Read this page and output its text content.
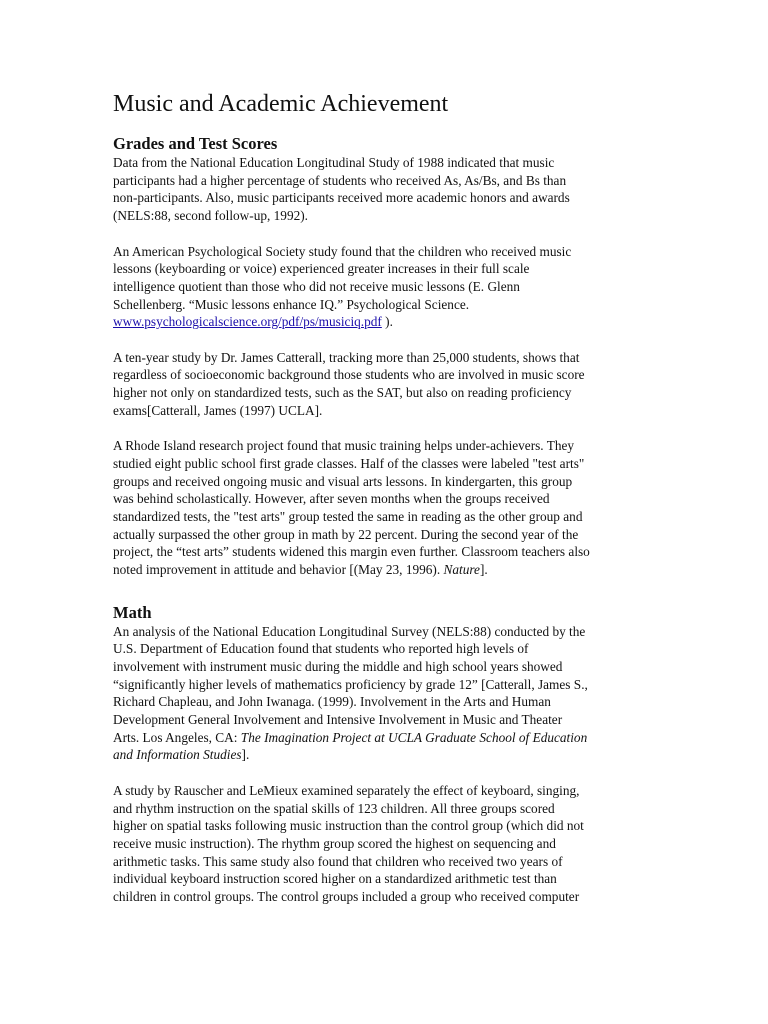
Music and Academic Achievement
Grades and Test Scores

Data from the National Education Longitudinal Study of 1988 indicated that music
participants had a higher percentage of students who received As, As/Bs, and Bs than
non-participants. Also, music participants received more academic honors and awards
(NELS:88, second follow-up, 1992).

An American Psychological Society study found that the children who received music
lessons (keyboarding or voice) experienced greater increases in their full scale
intelligence quotient than those who did not receive music lessons (E. Glenn
Schellenberg. “Music lessons enhance IQ.” Psychological Science.
www.psychologicalscience.org/pdf/ps/musiciq.pdf ).

A ten-year study by Dr. James Catterall, tracking more than 25,000 students, shows that
regardless of socioeconomic background those students who are involved in music score
higher not only on standardized tests, such as the SAT, but also on reading proficiency
exams[Catterall, James (1997) UCLA].

A Rhode Island research project found that music training helps under-achievers. They
studied eight public school first grade classes. Half of the classes were labeled "test arts"
groups and received ongoing music and visual arts lessons. In kindergarten, this group
was behind scholastically. However, after seven months when the groups received
standardized tests, the "test arts" group tested the same in reading as the other group and
actually surpassed the other group in math by 22 percent. During the second year of the
project, the “test arts” students widened this margin even further. Classroom teachers also
noted improvement in attitude and behavior [(May 23, 1996). Nature].

Math

An analysis of the National Education Longitudinal Survey (NELS:88) conducted by the
U.S. Department of Education found that students who reported high levels of
involvement with instrument music during the middle and high school years showed
“significantly higher levels of mathematics proficiency by grade 12” [Catterall, James S.,
Richard Chapleau, and John Iwanaga. (1999). Involvement in the Arts and Human
Development General Involvement and Intensive Involvement in Music and Theater
Arts. Los Angeles, CA: The Imagination Project at UCLA Graduate School of Education
and Information Studies].

A study by Rauscher and LeMieux examined separately the effect of keyboard, singing,
and rhythm instruction on the spatial skills of 123 children. All three groups scored
higher on spatial tasks following music instruction than the control group (which did not
receive music instruction). The rhythm group scored the highest on sequencing and
arithmetic tasks. This same study also found that children who received two years of
individual keyboard instruction scored higher on a standardized arithmetic test than
children in control groups. The control groups included a group who received computer
